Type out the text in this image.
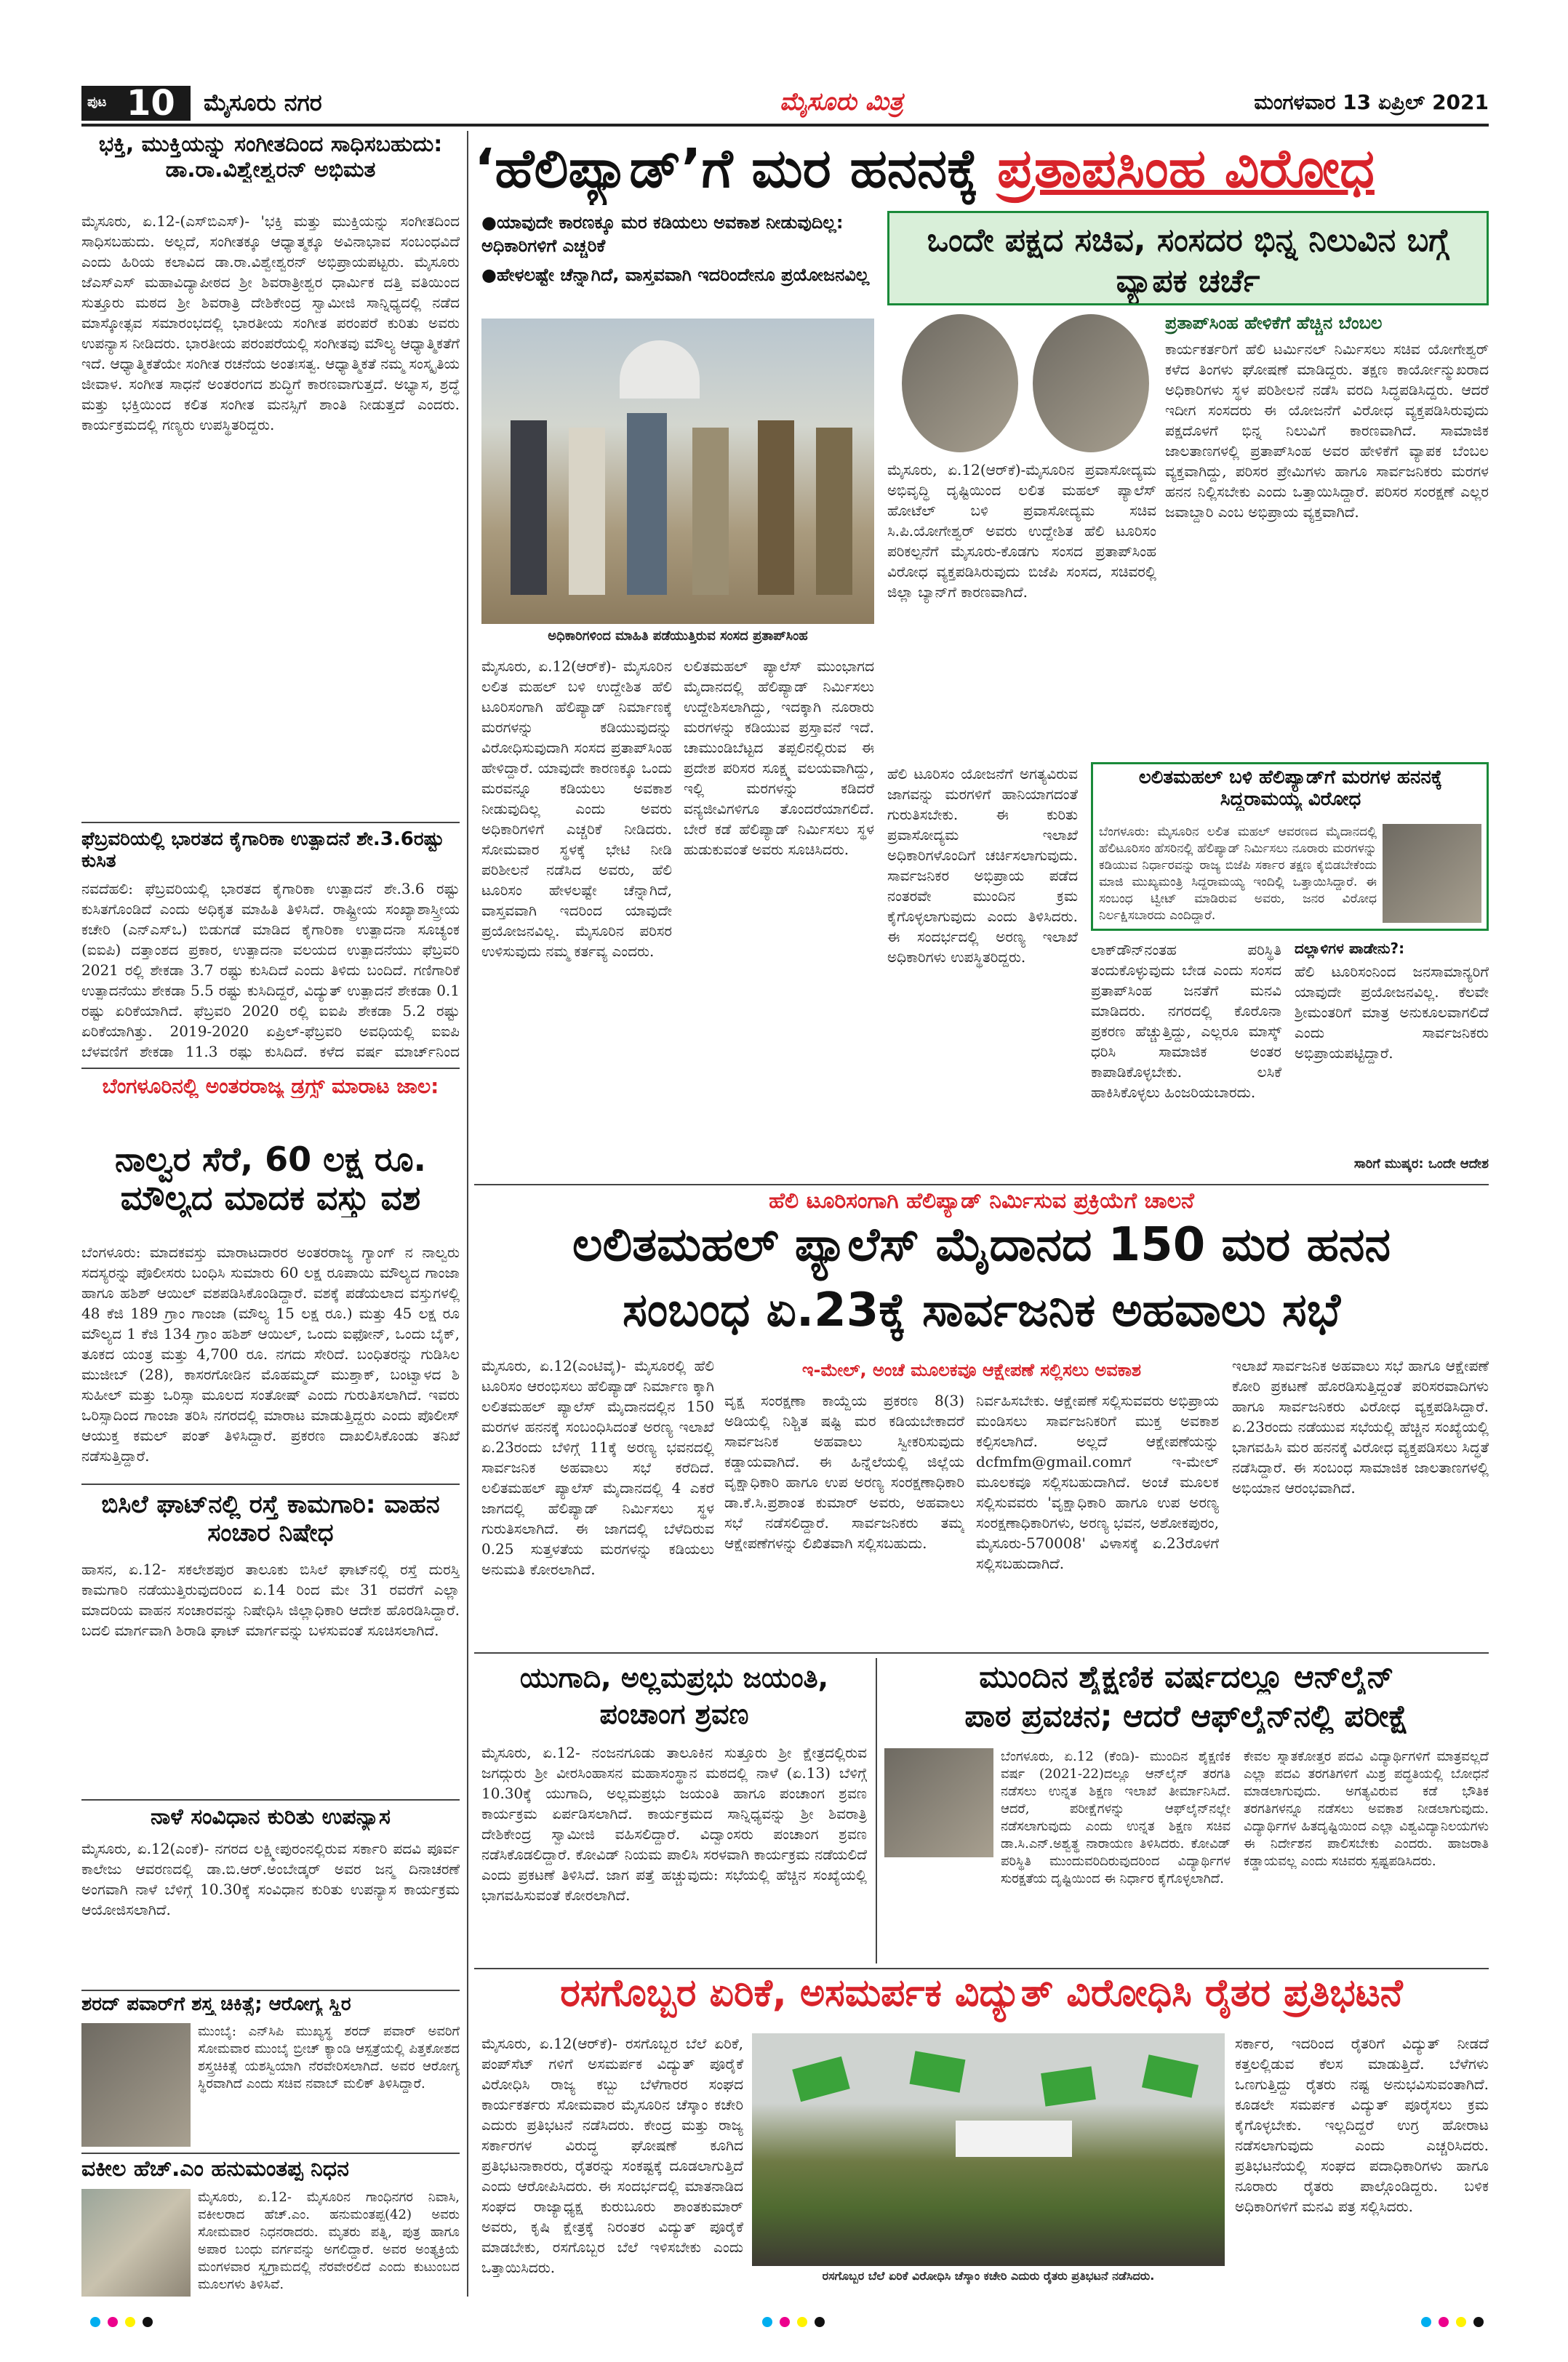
ಪುಟ 10 ಮೈಸೂರು ನಗರ	ಮೈಸೂರು ಮಿತ್ರ	ಮಂಗಳವಾರ 13 ಏಪ್ರಿಲ್ 2021
ಭಕ್ತಿ, ಮುಕ್ತಿಯನ್ನು ಸಂಗೀತದಿಂದ ಸಾಧಿಸಬಹುದು: ಡಾ.ರಾ.ವಿಶ್ವೇಶ್ವರನ್ ಅಭಿಮತ
ಮೈಸೂರು, ಏ.12-(ಎಸ್‌ಬಿಎಸ್)- 'ಭಕ್ತಿ ಮತ್ತು ಮುಕ್ತಿಯನ್ನು ಸಂಗೀತದಿಂದ ಸಾಧಿಸಬಹುದು. ಅಲ್ಲದೆ, ಸಂಗೀತಕ್ಕೂ ಆಧ್ಯಾತ್ಮಕ್ಕೂ ಅವಿನಾಭಾವ ಸಂಬಂಧವಿದೆ ಎಂದು ಹಿರಿಯ ಕಲಾವಿದ ಡಾ.ರಾ.ವಿಶ್ವೇಶ್ವರನ್ ಅಭಿಪ್ರಾಯಪಟ್ಟರು. ಮೈಸೂರು ಜೆಎಸ್‌ಎಸ್ ಮಹಾವಿದ್ಯಾಪೀಠದ ಶ್ರೀ ಶಿವರಾತ್ರೀಶ್ವರ ಧಾರ್ಮಿಕ ದತ್ತಿ ವತಿಯಿಂದ ಸುತ್ತೂರು ಮಠದ ಶ್ರೀ ಶಿವರಾತ್ರಿ ದೇಶಿಕೇಂದ್ರ ಸ್ವಾಮೀಜಿ ಸಾನ್ನಿಧ್ಯದಲ್ಲಿ ನಡೆದ ಮಾಸ್ಕೋತ್ಸವ ಸಮಾರಂಭದಲ್ಲಿ ಭಾರತೀಯ ಸಂಗೀತ ಪರಂಪರೆ ಕುರಿತು ಅವರು ಉಪನ್ಯಾಸ ನೀಡಿದರು. ಭಾರತೀಯ ಪರಂಪರೆಯಲ್ಲಿ ಸಂಗೀತವು ಮೌಲ್ಯ ಆಧ್ಯಾತ್ಮಿಕತೆಗೆ ಇದೆ. ಆಧ್ಯಾತ್ಮಿಕತೆಯೇ ಸಂಗೀತ ರಚನೆಯ ಅಂತಃಸತ್ವ. ಆಧ್ಯಾತ್ಮಿಕತೆ ನಮ್ಮ ಸಂಸ್ಕೃತಿಯ ಜೀವಾಳ. ಸಂಗೀತ ಸಾಧನೆ ಅಂತರಂಗದ ಶುದ್ಧಿಗೆ ಕಾರಣವಾಗುತ್ತದೆ. ಅಭ್ಯಾಸ, ಶ್ರದ್ಧೆ ಮತ್ತು ಭಕ್ತಿಯಿಂದ ಕಲಿತ ಸಂಗೀತ ಮನಸ್ಸಿಗೆ ಶಾಂತಿ ನೀಡುತ್ತದೆ ಎಂದರು. ಕಾರ್ಯಕ್ರಮದಲ್ಲಿ ಗಣ್ಯರು ಉಪಸ್ಥಿತರಿದ್ದರು.
ಫೆಬ್ರವರಿಯಲ್ಲಿ ಭಾರತದ ಕೈಗಾರಿಕಾ ಉತ್ಪಾದನೆ ಶೇ.3.6ರಷ್ಟು ಕುಸಿತ
ನವದೆಹಲಿ: ಫೆಬ್ರವರಿಯಲ್ಲಿ ಭಾರತದ ಕೈಗಾರಿಕಾ ಉತ್ಪಾದನೆ ಶೇ.3.6 ರಷ್ಟು ಕುಸಿತಗೊಂಡಿದೆ ಎಂದು ಅಧಿಕೃತ ಮಾಹಿತಿ ತಿಳಿಸಿದೆ. ರಾಷ್ಟ್ರೀಯ ಸಂಖ್ಯಾಶಾಸ್ತ್ರೀಯ ಕಚೇರಿ (ಎನ್‌ಎಸ್‌ಒ) ಬಿಡುಗಡೆ ಮಾಡಿದ ಕೈಗಾರಿಕಾ ಉತ್ಪಾದನಾ ಸೂಚ್ಯಂಕ (ಐಐಪಿ) ದತ್ತಾಂಶದ ಪ್ರಕಾರ, ಉತ್ಪಾದನಾ ವಲಯದ ಉತ್ಪಾದನೆಯು ಫೆಬ್ರವರಿ 2021 ರಲ್ಲಿ ಶೇಕಡಾ 3.7 ರಷ್ಟು ಕುಸಿದಿದೆ ಎಂದು ತಿಳಿದು ಬಂದಿದೆ. ಗಣಿಗಾರಿಕೆ ಉತ್ಪಾದನೆಯು ಶೇಕಡಾ 5.5 ರಷ್ಟು ಕುಸಿದಿದ್ದರೆ, ವಿದ್ಯುತ್ ಉತ್ಪಾದನೆ ಶೇಕಡಾ 0.1 ರಷ್ಟು ಏರಿಕೆಯಾಗಿದೆ. ಫೆಬ್ರವರಿ 2020 ರಲ್ಲಿ ಐಐಪಿ ಶೇಕಡಾ 5.2 ರಷ್ಟು ಏರಿಕೆಯಾಗಿತ್ತು. 2019-2020 ಏಪ್ರಿಲ್-ಫೆಬ್ರವರಿ ಅವಧಿಯಲ್ಲಿ ಐಐಪಿ ಬೆಳವಣಿಗೆ ಶೇಕಡಾ 11.3 ರಷ್ಟು ಕುಸಿದಿದೆ. ಕಳೆದ ವರ್ಷ ಮಾರ್ಚ್‌ನಿಂದ
ಬೆಂಗಳೂರಿನಲ್ಲಿ ಅಂತರರಾಜ್ಯ ಡ್ರಗ್ಸ್ ಮಾರಾಟ ಜಾಲ:
ನಾಲ್ವರ ಸೆರೆ, 60 ಲಕ್ಷ ರೂ. ಮೌಲ್ಯದ ಮಾದಕ ವಸ್ತು ವಶ
ಬೆಂಗಳೂರು: ಮಾದಕವಸ್ತು ಮಾರಾಟದಾರರ ಅಂತರರಾಜ್ಯ ಗ್ಯಾಂಗ್ ನ ನಾಲ್ವರು ಸದಸ್ಯರನ್ನು ಪೊಲೀಸರು ಬಂಧಿಸಿ ಸುಮಾರು 60 ಲಕ್ಷ ರೂಪಾಯಿ ಮೌಲ್ಯದ ಗಾಂಜಾ ಹಾಗೂ ಹಶಿಶ್ ಆಯಿಲ್ ವಶಪಡಿಸಿಕೊಂಡಿದ್ದಾರೆ. ವಶಕ್ಕೆ ಪಡೆಯಲಾದ ವಸ್ತುಗಳಲ್ಲಿ 48 ಕೆಜಿ 189 ಗ್ರಾಂ ಗಾಂಜಾ (ಮೌಲ್ಯ 15 ಲಕ್ಷ ರೂ.) ಮತ್ತು 45 ಲಕ್ಷ ರೂ ಮೌಲ್ಯದ 1 ಕೆಜಿ 134 ಗ್ರಾಂ ಹಶಿಶ್ ಆಯಿಲ್, ಒಂದು ಐಫೋನ್, ಒಂದು ಬೈಕ್, ತೂಕದ ಯಂತ್ರ ಮತ್ತು 4,700 ರೂ. ನಗದು ಸೇರಿದೆ. ಬಂಧಿತರನ್ನು ಗುಡಿಸಿಲ ಮುಜೀಬ್ (28), ಕಾಸರಗೋಡಿನ ಮೊಹಮ್ಮದ್ ಮುಶ್ತಾಕ್, ಬಂಟ್ವಾಳದ ಶಿ ಸುಹೀಲ್ ಮತ್ತು ಒರಿಸ್ಸಾ ಮೂಲದ ಸಂತೋಷ್ ಎಂದು ಗುರುತಿಸಲಾಗಿದೆ. ಇವರು ಒರಿಸ್ಸಾದಿಂದ ಗಾಂಜಾ ತರಿಸಿ ನಗರದಲ್ಲಿ ಮಾರಾಟ ಮಾಡುತ್ತಿದ್ದರು ಎಂದು ಪೊಲೀಸ್ ಆಯುಕ್ತ ಕಮಲ್ ಪಂತ್ ತಿಳಿಸಿದ್ದಾರೆ. ಪ್ರಕರಣ ದಾಖಲಿಸಿಕೊಂಡು ತನಿಖೆ ನಡೆಸುತ್ತಿದ್ದಾರೆ.
ಬಿಸಿಲೆ ಘಾಟ್‌ನಲ್ಲಿ ರಸ್ತೆ ಕಾಮಗಾರಿ: ವಾಹನ ಸಂಚಾರ ನಿಷೇಧ
ಹಾಸನ, ಏ.12- ಸಕಲೇಶಪುರ ತಾಲೂಕು ಬಿಸಿಲೆ ಘಾಟ್‌ನಲ್ಲಿ ರಸ್ತೆ ದುರಸ್ತಿ ಕಾಮಗಾರಿ ನಡೆಯುತ್ತಿರುವುದರಿಂದ ಏ.14 ರಿಂದ ಮೇ 31 ರವರೆಗೆ ಎಲ್ಲಾ ಮಾದರಿಯ ವಾಹನ ಸಂಚಾರವನ್ನು ನಿಷೇಧಿಸಿ ಜಿಲ್ಲಾಧಿಕಾರಿ ಆದೇಶ ಹೊರಡಿಸಿದ್ದಾರೆ. ಬದಲಿ ಮಾರ್ಗವಾಗಿ ಶಿರಾಡಿ ಘಾಟ್ ಮಾರ್ಗವನ್ನು ಬಳಸುವಂತೆ ಸೂಚಿಸಲಾಗಿದೆ.
ನಾಳೆ ಸಂವಿಧಾನ ಕುರಿತು ಉಪನ್ಯಾಸ
ಮೈಸೂರು, ಏ.12(ಎಂಕೆ)- ನಗರದ ಲಕ್ಷ್ಮೀಪುರಂನಲ್ಲಿರುವ ಸರ್ಕಾರಿ ಪದವಿ ಪೂರ್ವ ಕಾಲೇಜು ಆವರಣದಲ್ಲಿ ಡಾ.ಬಿ.ಆರ್.ಅಂಬೇಡ್ಕರ್ ಅವರ ಜನ್ಮ ದಿನಾಚರಣೆ ಅಂಗವಾಗಿ ನಾಳೆ ಬೆಳಿಗ್ಗೆ 10.30ಕ್ಕೆ ಸಂವಿಧಾನ ಕುರಿತು ಉಪನ್ಯಾಸ ಕಾರ್ಯಕ್ರಮ ಆಯೋಜಿಸಲಾಗಿದೆ.
ಶರದ್ ಪವಾರ್‌ಗೆ ಶಸ್ತ್ರ ಚಿಕಿತ್ಸೆ; ಆರೋಗ್ಯ ಸ್ಥಿರ
ಮುಂಬೈ: ಎನ್‌ಸಿಪಿ ಮುಖ್ಯಸ್ಥ ಶರದ್ ಪವಾರ್ ಅವರಿಗೆ ಸೋಮವಾರ ಮುಂಬೈ ಬ್ರೀಚ್ ಕ್ಯಾಂಡಿ ಆಸ್ಪತ್ರೆಯಲ್ಲಿ ಪಿತ್ತಕೋಶದ ಶಸ್ತ್ರಚಿಕಿತ್ಸೆ ಯಶಸ್ವಿಯಾಗಿ ನೆರವೇರಿಸಲಾಗಿದೆ. ಅವರ ಆರೋಗ್ಯ ಸ್ಥಿರವಾಗಿದೆ ಎಂದು ಸಚಿವ ನವಾಬ್ ಮಲಿಕ್ ತಿಳಿಸಿದ್ದಾರೆ.
ವಕೀಲ ಹೆಚ್.ಎಂ ಹನುಮಂತಪ್ಪ ನಿಧನ
ಮೈಸೂರು, ಏ.12- ಮೈಸೂರಿನ ಗಾಂಧಿನಗರ ನಿವಾಸಿ, ವಕೀಲರಾದ ಹೆಚ್.ಎಂ. ಹನುಮಂತಪ್ಪ(42) ಅವರು ಸೋಮವಾರ ನಿಧನರಾದರು. ಮೃತರು ಪತ್ನಿ, ಪುತ್ರ ಹಾಗೂ ಅಪಾರ ಬಂಧು ವರ್ಗವನ್ನು ಅಗಲಿದ್ದಾರೆ. ಅವರ ಅಂತ್ಯಕ್ರಿಯೆ ಮಂಗಳವಾರ ಸ್ವಗ್ರಾಮದಲ್ಲಿ ನೆರವೇರಲಿದೆ ಎಂದು ಕುಟುಂಬದ ಮೂಲಗಳು ತಿಳಿಸಿವೆ.
‘ಹೆಲಿಪ್ಯಾಡ್’ಗೆ ಮರ ಹನನಕ್ಕೆ ಪ್ರತಾಪಸಿಂಹ ವಿರೋಧ
●ಯಾವುದೇ ಕಾರಣಕ್ಕೂ ಮರ ಕಡಿಯಲು ಅವಕಾಶ ನೀಡುವುದಿಲ್ಲ: ಅಧಿಕಾರಿಗಳಿಗೆ ಎಚ್ಚರಿಕೆ
●ಹೇಳಲಷ್ಟೇ ಚೆನ್ನಾಗಿದೆ, ವಾಸ್ತವವಾಗಿ ಇದರಿಂದೇನೂ ಪ್ರಯೋಜನವಿಲ್ಲ
ಅಧಿಕಾರಿಗಳಿಂದ ಮಾಹಿತಿ ಪಡೆಯುತ್ತಿರುವ ಸಂಸದ ಪ್ರತಾಪ್‌ಸಿಂಹ
ಮೈಸೂರು, ಏ.12(ಆರ್‌ಕೆ)- ಮೈಸೂರಿನ ಲಲಿತ ಮಹಲ್ ಬಳಿ ಉದ್ದೇಶಿತ ಹೆಲಿ ಟೂರಿಸಂಗಾಗಿ ಹೆಲಿಪ್ಯಾಡ್ ನಿರ್ಮಾಣಕ್ಕೆ ಮರಗಳನ್ನು ಕಡಿಯುವುದನ್ನು ವಿರೋಧಿಸುವುದಾಗಿ ಸಂಸದ ಪ್ರತಾಪ್‌ಸಿಂಹ ಹೇಳಿದ್ದಾರೆ. ಯಾವುದೇ ಕಾರಣಕ್ಕೂ ಒಂದು ಮರವನ್ನೂ ಕಡಿಯಲು ಅವಕಾಶ ನೀಡುವುದಿಲ್ಲ ಎಂದು ಅವರು ಅಧಿಕಾರಿಗಳಿಗೆ ಎಚ್ಚರಿಕೆ ನೀಡಿದರು. ಸೋಮವಾರ ಸ್ಥಳಕ್ಕೆ ಭೇಟಿ ನೀಡಿ ಪರಿಶೀಲನೆ ನಡೆಸಿದ ಅವರು, ಹೆಲಿ ಟೂರಿಸಂ ಹೇಳಲಷ್ಟೇ ಚೆನ್ನಾಗಿದೆ, ವಾಸ್ತವವಾಗಿ ಇದರಿಂದ ಯಾವುದೇ ಪ್ರಯೋಜನವಿಲ್ಲ. ಮೈಸೂರಿನ ಪರಿಸರ ಉಳಿಸುವುದು ನಮ್ಮ ಕರ್ತವ್ಯ ಎಂದರು.
ಲಲಿತಮಹಲ್ ಪ್ಯಾಲೆಸ್ ಮುಂಭಾಗದ ಮೈದಾನದಲ್ಲಿ ಹೆಲಿಪ್ಯಾಡ್ ನಿರ್ಮಿಸಲು ಉದ್ದೇಶಿಸಲಾಗಿದ್ದು, ಇದಕ್ಕಾಗಿ ನೂರಾರು ಮರಗಳನ್ನು ಕಡಿಯುವ ಪ್ರಸ್ತಾವನೆ ಇದೆ. ಚಾಮುಂಡಿಬೆಟ್ಟದ ತಪ್ಪಲಿನಲ್ಲಿರುವ ಈ ಪ್ರದೇಶ ಪರಿಸರ ಸೂಕ್ಷ್ಮ ವಲಯವಾಗಿದ್ದು, ಇಲ್ಲಿ ಮರಗಳನ್ನು ಕಡಿದರೆ ವನ್ಯಜೀವಿಗಳಿಗೂ ತೊಂದರೆಯಾಗಲಿದೆ. ಬೇರೆ ಕಡೆ ಹೆಲಿಪ್ಯಾಡ್ ನಿರ್ಮಿಸಲು ಸ್ಥಳ ಹುಡುಕುವಂತೆ ಅವರು ಸೂಚಿಸಿದರು.
ಹೆಲಿ ಟೂರಿಸಂ ಯೋಜನೆಗೆ ಅಗತ್ಯವಿರುವ ಜಾಗವನ್ನು ಮರಗಳಿಗೆ ಹಾನಿಯಾಗದಂತೆ ಗುರುತಿಸಬೇಕು. ಈ ಕುರಿತು ಪ್ರವಾಸೋದ್ಯಮ ಇಲಾಖೆ ಅಧಿಕಾರಿಗಳೊಂದಿಗೆ ಚರ್ಚಿಸಲಾಗುವುದು. ಸಾರ್ವಜನಿಕರ ಅಭಿಪ್ರಾಯ ಪಡೆದ ನಂತರವೇ ಮುಂದಿನ ಕ್ರಮ ಕೈಗೊಳ್ಳಲಾಗುವುದು ಎಂದು ತಿಳಿಸಿದರು. ಈ ಸಂದರ್ಭದಲ್ಲಿ ಅರಣ್ಯ ಇಲಾಖೆ ಅಧಿಕಾರಿಗಳು ಉಪಸ್ಥಿತರಿದ್ದರು.
ಒಂದೇ ಪಕ್ಷದ ಸಚಿವ, ಸಂಸದರ ಭಿನ್ನ ನಿಲುವಿನ ಬಗ್ಗೆ ವ್ಯಾಪಕ ಚರ್ಚೆ
ಪ್ರತಾಪ್‌ಸಿಂಹ ಹೇಳಿಕೆಗೆ ಹೆಚ್ಚಿನ ಬೆಂಬಲ
ಕಾರ್ಯಕರ್ತರಿಗೆ ಹೆಲಿ ಟರ್ಮಿನಲ್ ನಿರ್ಮಿಸಲು ಸಚಿವ ಯೋಗೇಶ್ವರ್ ಕಳೆದ ತಿಂಗಳು ಘೋಷಣೆ ಮಾಡಿದ್ದರು. ತಕ್ಷಣ ಕಾರ್ಯೋನ್ಮುಖರಾದ ಅಧಿಕಾರಿಗಳು ಸ್ಥಳ ಪರಿಶೀಲನೆ ನಡೆಸಿ ವರದಿ ಸಿದ್ಧಪಡಿಸಿದ್ದರು. ಆದರೆ ಇದೀಗ ಸಂಸದರು ಈ ಯೋಜನೆಗೆ ವಿರೋಧ ವ್ಯಕ್ತಪಡಿಸಿರುವುದು ಪಕ್ಷದೊಳಗೆ ಭಿನ್ನ ನಿಲುವಿಗೆ ಕಾರಣವಾಗಿದೆ. ಸಾಮಾಜಿಕ ಜಾಲತಾಣಗಳಲ್ಲಿ ಪ್ರತಾಪ್‌ಸಿಂಹ ಅವರ ಹೇಳಿಕೆಗೆ ವ್ಯಾಪಕ ಬೆಂಬಲ ವ್ಯಕ್ತವಾಗಿದ್ದು, ಪರಿಸರ ಪ್ರೇಮಿಗಳು ಹಾಗೂ ಸಾರ್ವಜನಿಕರು ಮರಗಳ ಹನನ ನಿಲ್ಲಿಸಬೇಕು ಎಂದು ಒತ್ತಾಯಿಸಿದ್ದಾರೆ. ಪರಿಸರ ಸಂರಕ್ಷಣೆ ಎಲ್ಲರ ಜವಾಬ್ದಾರಿ ಎಂಬ ಅಭಿಪ್ರಾಯ ವ್ಯಕ್ತವಾಗಿದೆ.
ಮೈಸೂರು, ಏ.12(ಆರ್‌ಕೆ)-ಮೈಸೂರಿನ ಪ್ರವಾಸೋದ್ಯಮ ಅಭಿವೃದ್ಧಿ ದೃಷ್ಟಿಯಿಂದ ಲಲಿತ ಮಹಲ್ ಪ್ಯಾಲೆಸ್ ಹೋಟೆಲ್ ಬಳಿ ಪ್ರವಾಸೋದ್ಯಮ ಸಚಿವ ಸಿ.ಪಿ.ಯೋಗೇಶ್ವರ್ ಅವರು ಉದ್ದೇಶಿತ ಹೆಲಿ ಟೂರಿಸಂ ಪರಿಕಲ್ಪನೆಗೆ ಮೈಸೂರು-ಕೊಡಗು ಸಂಸದ ಪ್ರತಾಪ್‌ಸಿಂಹ ವಿರೋಧ ವ್ಯಕ್ತಪಡಿಸಿರುವುದು ಬಿಜೆಪಿ ಸಂಸದ, ಸಚಿವರಲ್ಲಿ ಜಿಲ್ಲಾ ಬ್ಯಾನ್‌ಗೆ ಕಾರಣವಾಗಿದೆ.
ಲಲಿತಮಹಲ್ ಬಳಿ ಹೆಲಿಪ್ಯಾಡ್‌ಗೆ ಮರಗಳ ಹನನಕ್ಕೆ ಸಿದ್ದರಾಮಯ್ಯ ವಿರೋಧ
ಬೆಂಗಳೂರು: ಮೈಸೂರಿನ ಲಲಿತ ಮಹಲ್ ಆವರಣದ ಮೈದಾನದಲ್ಲಿ ಹೆಲಿಟೂರಿಸಂ ಹೆಸರಿನಲ್ಲಿ ಹೆಲಿಪ್ಯಾಡ್ ನಿರ್ಮಿಸಲು ನೂರಾರು ಮರಗಳನ್ನು ಕಡಿಯುವ ನಿರ್ಧಾರವನ್ನು ರಾಜ್ಯ ಬಿಜೆಪಿ ಸರ್ಕಾರ ತಕ್ಷಣ ಕೈಬಿಡಬೇಕೆಂದು ಮಾಜಿ ಮುಖ್ಯಮಂತ್ರಿ ಸಿದ್ದರಾಮಯ್ಯ ಇಂದಿಲ್ಲಿ ಒತ್ತಾಯಿಸಿದ್ದಾರೆ. ಈ ಸಂಬಂಧ ಟ್ವೀಟ್ ಮಾಡಿರುವ ಅವರು, ಜನರ ವಿರೋಧ ನಿರ್ಲಕ್ಷಿಸಬಾರದು ಎಂದಿದ್ದಾರೆ.
ಲಾಕ್‌ಡೌನ್‌ನಂತಹ ಪರಿಸ್ಥಿತಿ ತಂದುಕೊಳ್ಳುವುದು ಬೇಡ ಎಂದು ಸಂಸದ ಪ್ರತಾಪ್‌ಸಿಂಹ ಜನತೆಗೆ ಮನವಿ ಮಾಡಿದರು. ನಗರದಲ್ಲಿ ಕೊರೊನಾ ಪ್ರಕರಣ ಹೆಚ್ಚುತ್ತಿದ್ದು, ಎಲ್ಲರೂ ಮಾಸ್ಕ್ ಧರಿಸಿ ಸಾಮಾಜಿಕ ಅಂತರ ಕಾಪಾಡಿಕೊಳ್ಳಬೇಕು. ಲಸಿಕೆ ಹಾಕಿಸಿಕೊಳ್ಳಲು ಹಿಂಜರಿಯಬಾರದು.
ದಲ್ಲಾಳಿಗಳ ಪಾಡೇನು?:
ಹೆಲಿ ಟೂರಿಸಂನಿಂದ ಜನಸಾಮಾನ್ಯರಿಗೆ ಯಾವುದೇ ಪ್ರಯೋಜನವಿಲ್ಲ. ಕೆಲವೇ ಶ್ರೀಮಂತರಿಗೆ ಮಾತ್ರ ಅನುಕೂಲವಾಗಲಿದೆ ಎಂದು ಸಾರ್ವಜನಿಕರು ಅಭಿಪ್ರಾಯಪಟ್ಟಿದ್ದಾರೆ.
ಸಾರಿಗೆ ಮುಷ್ಕರ: ಒಂದೇ ಆದೇಶ
ಹೆಲಿ ಟೂರಿಸಂಗಾಗಿ ಹೆಲಿಪ್ಯಾಡ್ ನಿರ್ಮಿಸುವ ಪ್ರಕ್ರಿಯೆಗೆ ಚಾಲನೆ
ಲಲಿತಮಹಲ್ ಪ್ಯಾಲೆಸ್ ಮೈದಾನದ 150 ಮರ ಹನನ
ಸಂಬಂಧ ಏ.23ಕ್ಕೆ ಸಾರ್ವಜನಿಕ ಅಹವಾಲು ಸಭೆ
ಮೈಸೂರು, ಏ.12(ಎಂಟಿವೈ)- ಮೈಸೂರಲ್ಲಿ ಹೆಲಿ ಟೂರಿಸಂ ಆರಂಭಿಸಲು ಹೆಲಿಪ್ಯಾಡ್ ನಿರ್ಮಾಣ ಕ್ಕಾಗಿ ಲಲಿತಮಹಲ್ ಪ್ಯಾಲೆಸ್ ಮೈದಾನದಲ್ಲಿನ 150 ಮರಗಳ ಹನನಕ್ಕೆ ಸಂಬಂಧಿಸಿದಂತೆ ಅರಣ್ಯ ಇಲಾಖೆ ಏ.23ರಂದು ಬೆಳಿಗ್ಗೆ 11ಕ್ಕೆ ಅರಣ್ಯ ಭವನದಲ್ಲಿ ಸಾರ್ವಜನಿಕ ಅಹವಾಲು ಸಭೆ ಕರೆದಿದೆ. ಲಲಿತಮಹಲ್ ಪ್ಯಾಲೆಸ್ ಮೈದಾನದಲ್ಲಿ 4 ಎಕರೆ ಜಾಗದಲ್ಲಿ ಹೆಲಿಪ್ಯಾಡ್ ನಿರ್ಮಿಸಲು ಸ್ಥಳ ಗುರುತಿಸಲಾಗಿದೆ. ಈ ಜಾಗದಲ್ಲಿ ಬೆಳೆದಿರುವ 0.25 ಸುತ್ತಳತೆಯ ಮರಗಳನ್ನು ಕಡಿಯಲು ಅನುಮತಿ ಕೋರಲಾಗಿದೆ.
ಇ-ಮೇಲ್, ಅಂಚೆ ಮೂಲಕವೂ ಆಕ್ಷೇಪಣೆ ಸಲ್ಲಿಸಲು ಅವಕಾಶ
ವೃಕ್ಷ ಸಂರಕ್ಷಣಾ ಕಾಯ್ದೆಯ ಪ್ರಕರಣ 8(3) ಅಡಿಯಲ್ಲಿ ನಿಶ್ಚಿತ ಷಷ್ಟಿ ಮರ ಕಡಿಯಬೇಕಾದರೆ ಸಾರ್ವಜನಿಕ ಅಹವಾಲು ಸ್ವೀಕರಿಸುವುದು ಕಡ್ಡಾಯವಾಗಿದೆ. ಈ ಹಿನ್ನೆಲೆಯಲ್ಲಿ ಜಿಲ್ಲೆಯ ವೃಕ್ಷಾಧಿಕಾರಿ ಹಾಗೂ ಉಪ ಅರಣ್ಯ ಸಂರಕ್ಷಣಾಧಿಕಾರಿ ಡಾ.ಕೆ.ಸಿ.ಪ್ರಶಾಂತ ಕುಮಾರ್ ಅವರು, ಅಹವಾಲು ಸಭೆ ನಡೆಸಲಿದ್ದಾರೆ. ಸಾರ್ವಜನಿಕರು ತಮ್ಮ ಆಕ್ಷೇಪಣೆಗಳನ್ನು ಲಿಖಿತವಾಗಿ ಸಲ್ಲಿಸಬಹುದು.
ನಿರ್ವಹಿಸಬೇಕು. ಆಕ್ಷೇಪಣೆ ಸಲ್ಲಿಸುವವರು ಅಭಿಪ್ರಾಯ ಮಂಡಿಸಲು ಸಾರ್ವಜನಿಕರಿಗೆ ಮುಕ್ತ ಅವಕಾಶ ಕಲ್ಪಿಸಲಾಗಿದೆ. ಅಲ್ಲದೆ ಆಕ್ಷೇಪಣೆಯನ್ನು dcfmfm@gmail.comಗೆ ಇ-ಮೇಲ್ ಮೂಲಕವೂ ಸಲ್ಲಿಸಬಹುದಾಗಿದೆ. ಅಂಚೆ ಮೂಲಕ ಸಲ್ಲಿಸುವವರು 'ವೃಕ್ಷಾಧಿಕಾರಿ ಹಾಗೂ ಉಪ ಅರಣ್ಯ ಸಂರಕ್ಷಣಾಧಿಕಾರಿಗಳು, ಅರಣ್ಯ ಭವನ, ಅಶೋಕಪುರಂ, ಮೈಸೂರು-570008' ವಿಳಾಸಕ್ಕೆ ಏ.23ರೊಳಗೆ ಸಲ್ಲಿಸಬಹುದಾಗಿದೆ.
ಇಲಾಖೆ ಸಾರ್ವಜನಿಕ ಅಹವಾಲು ಸಭೆ ಹಾಗೂ ಆಕ್ಷೇಪಣೆ ಕೋರಿ ಪ್ರಕಟಣೆ ಹೊರಡಿಸುತ್ತಿದ್ದಂತೆ ಪರಿಸರವಾದಿಗಳು ಹಾಗೂ ಸಾರ್ವಜನಿಕರು ವಿರೋಧ ವ್ಯಕ್ತಪಡಿಸಿದ್ದಾರೆ. ಏ.23ರಂದು ನಡೆಯುವ ಸಭೆಯಲ್ಲಿ ಹೆಚ್ಚಿನ ಸಂಖ್ಯೆಯಲ್ಲಿ ಭಾಗವಹಿಸಿ ಮರ ಹನನಕ್ಕೆ ವಿರೋಧ ವ್ಯಕ್ತಪಡಿಸಲು ಸಿದ್ಧತೆ ನಡೆಸಿದ್ದಾರೆ. ಈ ಸಂಬಂಧ ಸಾಮಾಜಿಕ ಜಾಲತಾಣಗಳಲ್ಲಿ ಅಭಿಯಾನ ಆರಂಭವಾಗಿದೆ.
ಯುಗಾದಿ, ಅಲ್ಲಮಪ್ರಭು ಜಯಂತಿ, ಪಂಚಾಂಗ ಶ್ರವಣ
ಮೈಸೂರು, ಏ.12- ನಂಜನಗೂಡು ತಾಲೂಕಿನ ಸುತ್ತೂರು ಶ್ರೀ ಕ್ಷೇತ್ರದಲ್ಲಿರುವ ಜಗದ್ಗುರು ಶ್ರೀ ವೀರಸಿಂಹಾಸನ ಮಹಾಸಂಸ್ಥಾನ ಮಠದಲ್ಲಿ ನಾಳೆ (ಏ.13) ಬೆಳಿಗ್ಗೆ 10.30ಕ್ಕೆ ಯುಗಾದಿ, ಅಲ್ಲಮಪ್ರಭು ಜಯಂತಿ ಹಾಗೂ ಪಂಚಾಂಗ ಶ್ರವಣ ಕಾರ್ಯಕ್ರಮ ಏರ್ಪಡಿಸಲಾಗಿದೆ. ಕಾರ್ಯಕ್ರಮದ ಸಾನ್ನಿಧ್ಯವನ್ನು ಶ್ರೀ ಶಿವರಾತ್ರಿ ದೇಶಿಕೇಂದ್ರ ಸ್ವಾಮೀಜಿ ವಹಿಸಲಿದ್ದಾರೆ. ವಿದ್ವಾಂಸರು ಪಂಚಾಂಗ ಶ್ರವಣ ನಡೆಸಿಕೊಡಲಿದ್ದಾರೆ. ಕೋವಿಡ್ ನಿಯಮ ಪಾಲಿಸಿ ಸರಳವಾಗಿ ಕಾರ್ಯಕ್ರಮ ನಡೆಯಲಿದೆ ಎಂದು ಪ್ರಕಟಣೆ ತಿಳಿಸಿದೆ. ಜಾಗ ಪತ್ತೆ ಹಚ್ಚುವುದು: ಸಭೆಯಲ್ಲಿ ಹೆಚ್ಚಿನ ಸಂಖ್ಯೆಯಲ್ಲಿ ಭಾಗವಹಿಸುವಂತೆ ಕೋರಲಾಗಿದೆ.
ಮುಂದಿನ ಶೈಕ್ಷಣಿಕ ವರ್ಷದಲ್ಲೂ ಆನ್‌ಲೈನ್
ಪಾಠ ಪ್ರವಚನ; ಆದರೆ ಆಫ್‌ಲೈನ್‌ನಲ್ಲಿ ಪರೀಕ್ಷೆ
ಬೆಂಗಳೂರು, ಏ.12 (ಕೆಂಡಿ)- ಮುಂದಿನ ಶೈಕ್ಷಣಿಕ ವರ್ಷ (2021-22)ದಲ್ಲೂ ಆನ್‌ಲೈನ್ ತರಗತಿ ನಡೆಸಲು ಉನ್ನತ ಶಿಕ್ಷಣ ಇಲಾಖೆ ತೀರ್ಮಾನಿಸಿದೆ. ಆದರೆ, ಪರೀಕ್ಷೆಗಳನ್ನು ಆಫ್‌ಲೈನ್‌ನಲ್ಲೇ ನಡೆಸಲಾಗುವುದು ಎಂದು ಉನ್ನತ ಶಿಕ್ಷಣ ಸಚಿವ ಡಾ.ಸಿ.ಎನ್.ಅಶ್ವತ್ಥ ನಾರಾಯಣ ತಿಳಿಸಿದರು. ಕೋವಿಡ್ ಪರಿಸ್ಥಿತಿ ಮುಂದುವರಿದಿರುವುದರಿಂದ ವಿದ್ಯಾರ್ಥಿಗಳ ಸುರಕ್ಷತೆಯ ದೃಷ್ಟಿಯಿಂದ ಈ ನಿರ್ಧಾರ ಕೈಗೊಳ್ಳಲಾಗಿದೆ.
ಕೇವಲ ಸ್ನಾತಕೋತ್ತರ ಪದವಿ ವಿದ್ಯಾರ್ಥಿಗಳಿಗೆ ಮಾತ್ರವಲ್ಲದೆ ಎಲ್ಲಾ ಪದವಿ ತರಗತಿಗಳಿಗೆ ಮಿಶ್ರ ಪದ್ಧತಿಯಲ್ಲಿ ಬೋಧನೆ ಮಾಡಲಾಗುವುದು. ಅಗತ್ಯವಿರುವ ಕಡೆ ಭೌತಿಕ ತರಗತಿಗಳನ್ನೂ ನಡೆಸಲು ಅವಕಾಶ ನೀಡಲಾಗುವುದು. ವಿದ್ಯಾರ್ಥಿಗಳ ಹಿತದೃಷ್ಟಿಯಿಂದ ಎಲ್ಲಾ ವಿಶ್ವವಿದ್ಯಾನಿಲಯಗಳು ಈ ನಿರ್ದೇಶನ ಪಾಲಿಸಬೇಕು ಎಂದರು. ಹಾಜರಾತಿ ಕಡ್ಡಾಯವಲ್ಲ ಎಂದು ಸಚಿವರು ಸ್ಪಷ್ಟಪಡಿಸಿದರು.
ರಸಗೊಬ್ಬರ ಏರಿಕೆ, ಅಸಮರ್ಪಕ ವಿದ್ಯುತ್ ವಿರೋಧಿಸಿ ರೈತರ ಪ್ರತಿಭಟನೆ
ಮೈಸೂರು, ಏ.12(ಆರ್‌ಕೆ)- ರಸಗೊಬ್ಬರ ಬೆಲೆ ಏರಿಕೆ, ಪಂಪ್‌ಸೆಟ್ ಗಳಿಗೆ ಅಸಮರ್ಪಕ ವಿದ್ಯುತ್ ಪೂರೈಕೆ ವಿರೋಧಿಸಿ ರಾಜ್ಯ ಕಬ್ಬು ಬೆಳೆಗಾರರ ಸಂಘದ ಕಾರ್ಯಕರ್ತರು ಸೋಮವಾರ ಮೈಸೂರಿನ ಚೆಸ್ಕಾಂ ಕಚೇರಿ ಎದುರು ಪ್ರತಿಭಟನೆ ನಡೆಸಿದರು. ಕೇಂದ್ರ ಮತ್ತು ರಾಜ್ಯ ಸರ್ಕಾರಗಳ ವಿರುದ್ಧ ಘೋಷಣೆ ಕೂಗಿದ ಪ್ರತಿಭಟನಾಕಾರರು, ರೈತರನ್ನು ಸಂಕಷ್ಟಕ್ಕೆ ದೂಡಲಾಗುತ್ತಿದೆ ಎಂದು ಆರೋಪಿಸಿದರು. ಈ ಸಂದರ್ಭದಲ್ಲಿ ಮಾತನಾಡಿದ ಸಂಘದ ರಾಜ್ಯಾಧ್ಯಕ್ಷ ಕುರುಬೂರು ಶಾಂತಕುಮಾರ್ ಅವರು, ಕೃಷಿ ಕ್ಷೇತ್ರಕ್ಕೆ ನಿರಂತರ ವಿದ್ಯುತ್ ಪೂರೈಕೆ ಮಾಡಬೇಕು, ರಸಗೊಬ್ಬರ ಬೆಲೆ ಇಳಿಸಬೇಕು ಎಂದು ಒತ್ತಾಯಿಸಿದರು.	ರಸಗೊಬ್ಬರ ಬೆಲೆ ಏರಿಕೆ ವಿರೋಧಿಸಿ ಚೆಸ್ಕಾಂ ಕಚೇರಿ ಎದುರು ರೈತರು ಪ್ರತಿಭಟನೆ ನಡೆಸಿದರು.
ಸರ್ಕಾರ, ಇದರಿಂದ ರೈತರಿಗೆ ವಿದ್ಯುತ್ ನೀಡದೆ ಕತ್ತಲಲ್ಲಿಡುವ ಕೆಲಸ ಮಾಡುತ್ತಿದೆ. ಬೆಳೆಗಳು ಒಣಗುತ್ತಿದ್ದು ರೈತರು ನಷ್ಟ ಅನುಭವಿಸುವಂತಾಗಿದೆ. ಕೂಡಲೇ ಸಮರ್ಪಕ ವಿದ್ಯುತ್ ಪೂರೈಸಲು ಕ್ರಮ ಕೈಗೊಳ್ಳಬೇಕು. ಇಲ್ಲದಿದ್ದರೆ ಉಗ್ರ ಹೋರಾಟ ನಡೆಸಲಾಗುವುದು ಎಂದು ಎಚ್ಚರಿಸಿದರು. ಪ್ರತಿಭಟನೆಯಲ್ಲಿ ಸಂಘದ ಪದಾಧಿಕಾರಿಗಳು ಹಾಗೂ ನೂರಾರು ರೈತರು ಪಾಲ್ಗೊಂಡಿದ್ದರು. ಬಳಿಕ ಅಧಿಕಾರಿಗಳಿಗೆ ಮನವಿ ಪತ್ರ ಸಲ್ಲಿಸಿದರು.
